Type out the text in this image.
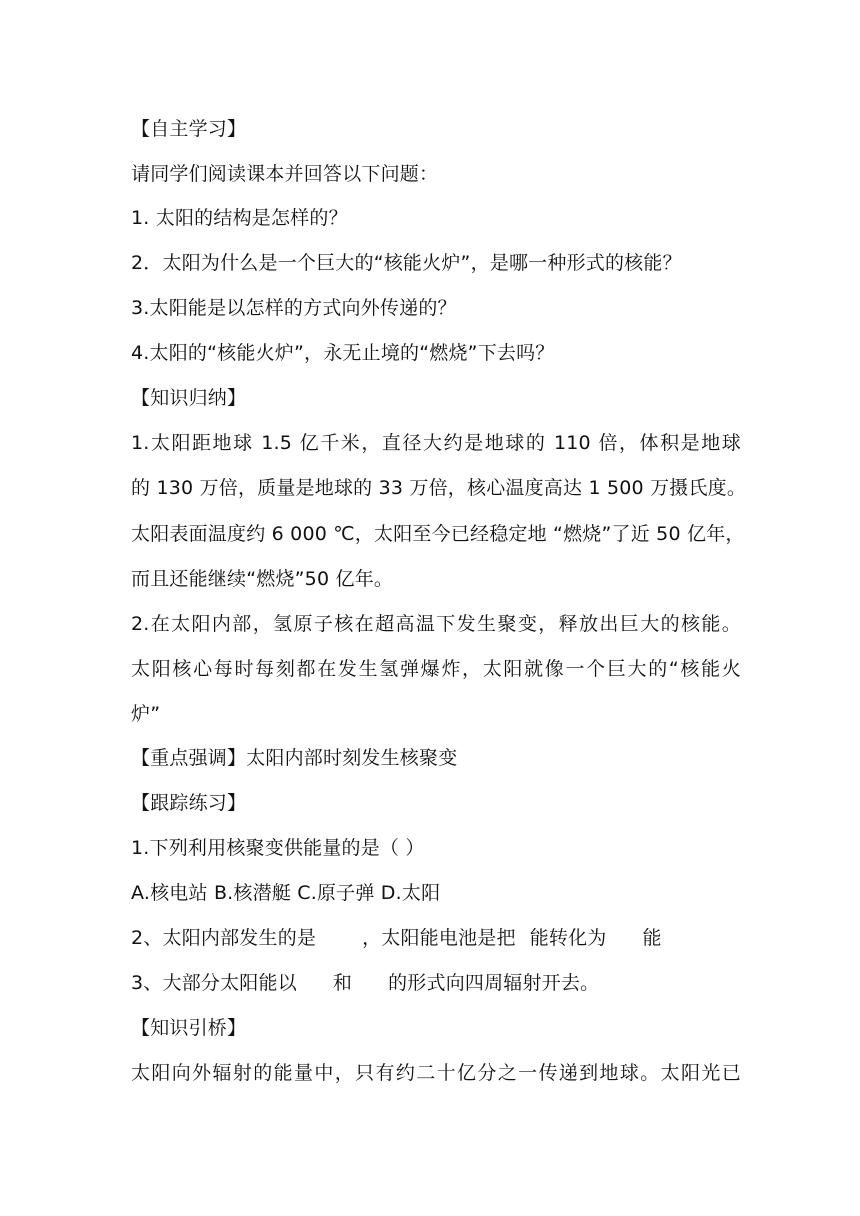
【自主学习】
请同学们阅读课本并回答以下问题：
1. 太阳的结构是怎样的？
2．太阳为什么是一个巨大的“核能火炉”，是哪一种形式的核能？
3.太阳能是以怎样的方式向外传递的？
4.太阳的“核能火炉”，永无止境的“燃烧”下去吗？
【知识归纳】
1.太阳距地球 1.5 亿千米，直径大约是地球的 110 倍，体积是地球
的 130 万倍，质量是地球的 33 万倍，核心温度高达 1 500 万摄氏度。
太阳表面温度约 6 000 ℃，太阳至今已经稳定地 “燃烧”了近 50 亿年，
而且还能继续“燃烧”50 亿年。
2.在太阳内部，氢原子核在超高温下发生聚变，释放出巨大的核能。
太阳核心每时每刻都在发生氢弹爆炸，太阳就像一个巨大的“核能火
炉”
【重点强调】太阳内部时刻发生核聚变
【跟踪练习】
1.下列利用核聚变供能量的是（ ）
A.核电站 B.核潜艇 C.原子弹 D.太阳
2、太阳内部发生的是 ，太阳能电池是把 能转化为 能
3、大部分太阳能以 和 的形式向四周辐射开去。
【知识引桥】
太阳向外辐射的能量中，只有约二十亿分之一传递到地球。太阳光已
